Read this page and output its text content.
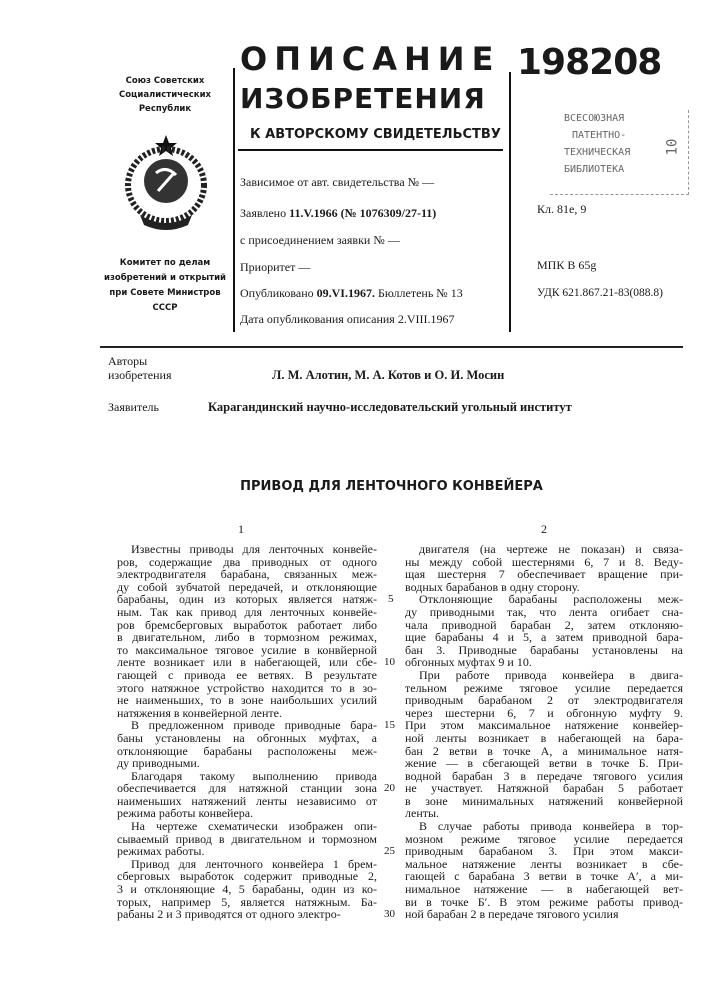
Союз Советских
Социалистических
Республик
Комитет по делам
изобретений и открытий
при Совете Министров
СССР
ОПИСАНИЕ
ИЗОБРЕТЕНИЯ
К АВТОРСКОМУ СВИДЕТЕЛЬСТВУ
198208
ВСЕСОЮЗНАЯ
ПАТЕНТНО-
ТЕХНИЧЕСКАЯ
БИБЛИОТЕКА
10
Зависимое от авт. свидетельства № —
Заявлено 11.V.1966 (№ 1076309/27-11)
с присоединением заявки № —
Приоритет —
Опубликовано 09.VI.1967. Бюллетень № 13
Дата опубликования описания 2.VIII.1967
Кл. 81е, 9
МПК B 65g
УДК 621.867.21-83(088.8)
Авторы
изобретения	Л. М. Алотин, М. А. Котов и О. И. Мосин
Заявитель	Карагандинский научно-исследовательский угольный институт
ПРИВОД ДЛЯ ЛЕНТОЧНОГО КОНВЕЙЕРА
1	2
Известны приводы для ленточных конвейе-
ров, содержащие два приводных от одного
электродвигателя барабана, связанных меж-
ду собой зубчатой передачей, и отклоняющие
барабаны, один из которых является натяж-
ным. Так как привод для ленточных конвейе-
ров бремсберговых выработок работает либо
в двигательном, либо в тормозном режимах,
то максимальное тяговое усилие в конвйерной
ленте возникает или в набегающей, или сбе-
гающей с привода ее ветвях. В результате
этого натяжное устройство находится то в зо-
не наименьших, то в зоне наибольших усилий
натяжения в конвейерной ленте.
В предложенном приводе приводные бара-
баны установлены на обгонных муфтах, а
отклоняющие барабаны расположены меж-
ду приводными.
Благодаря такому выполнению привода
обеспечивается для натяжной станции зона
наименьших натяжений ленты независимо от
режима работы конвейера.
На чертеже схематически изображен опи-
сываемый привод в двигательном и тормозном
режимах работы.
Привод для ленточного конвейера 1 брем-
сберговых выработок содержит приводные 2,
3 и отклоняющие 4, 5 барабаны, один из ко-
торых, например 5, является натяжным. Ба-
рабаны 2 и 3 приводятся от одного электро-
двигателя (на чертеже не показан) и связа-
ны между собой шестернями 6, 7 и 8. Веду-
щая шестерня 7 обеспечивает вращение при-
водных барабанов в одну сторону.
Отклоняющие барабаны расположены меж-
ду приводными так, что лента огибает сна-
чала приводной барабан 2, затем отклоняю-
щие барабаны 4 и 5, а затем приводной бара-
бан 3. Приводные барабаны установлены на
обгонных муфтах 9 и 10.
При работе привода конвейера в двига-
тельном режиме тяговое усилие передается
приводным барабаном 2 от электродвигателя
через шестерни 6, 7 и обгонную муфту 9.
При этом максимальное натяжение конвейер-
ной ленты возникает в набегающей на бара-
бан 2 ветви в точке А, а минимальное натя-
жение — в сбегающей ветви в точке Б. При-
водной барабан 3 в передаче тягового усилия
не участвует. Натяжной барабан 5 работает
в зоне минимальных натяжений конвейерной
ленты.
В случае работы привода конвейера в тор-
мозном режиме тяговое усилие передается
приводным барабаном 3. При этом макси-
мальное натяжение ленты возникает в сбе-
гающей с барабана 3 ветви в точке А′, а ми-
нимальное натяжение — в набегающей вет-
ви в точке Б′. В этом режиме работы привод-
ной барабан 2 в передаче тягового усилия
5
10
15
20
25
30
